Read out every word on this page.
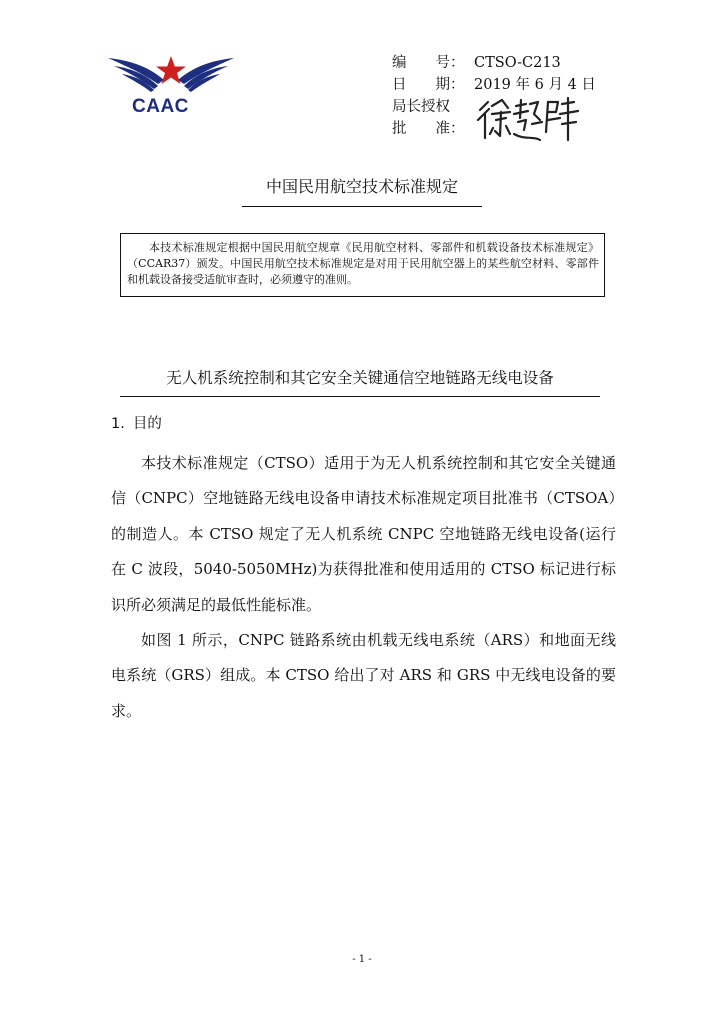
CAAC
编　　号： CTSO-C213
日　　期： 2019 年 6 月 4 日
局长授权
批　　准：
中国民用航空技术标准规定
本技术标准规定根据中国民用航空规章《民用航空材料、零部件和机载设备技术标准规定》（CCAR37）颁发。中国民用航空技术标准规定是对用于民用航空器上的某些航空材料、零部件和机载设备接受适航审查时，必须遵守的准则。
无人机系统控制和其它安全关键通信空地链路无线电设备
1. 目的

本技术标准规定（CTSO）适用于为无人机系统控制和其它安全关键通信（CNPC）空地链路无线电设备申请技术标准规定项目批准书（CTSOA）的制造人。本 CTSO 规定了无人机系统 CNPC 空地链路无线电设备(运行在 C 波段，5040-5050MHz)为获得批准和使用适用的 CTSO 标记进行标识所必须满足的最低性能标准。

如图 1 所示，CNPC 链路系统由机载无线电系统（ARS）和地面无线电系统（GRS）组成。本 CTSO 给出了对 ARS 和 GRS 中无线电设备的要求。

- 1 -
